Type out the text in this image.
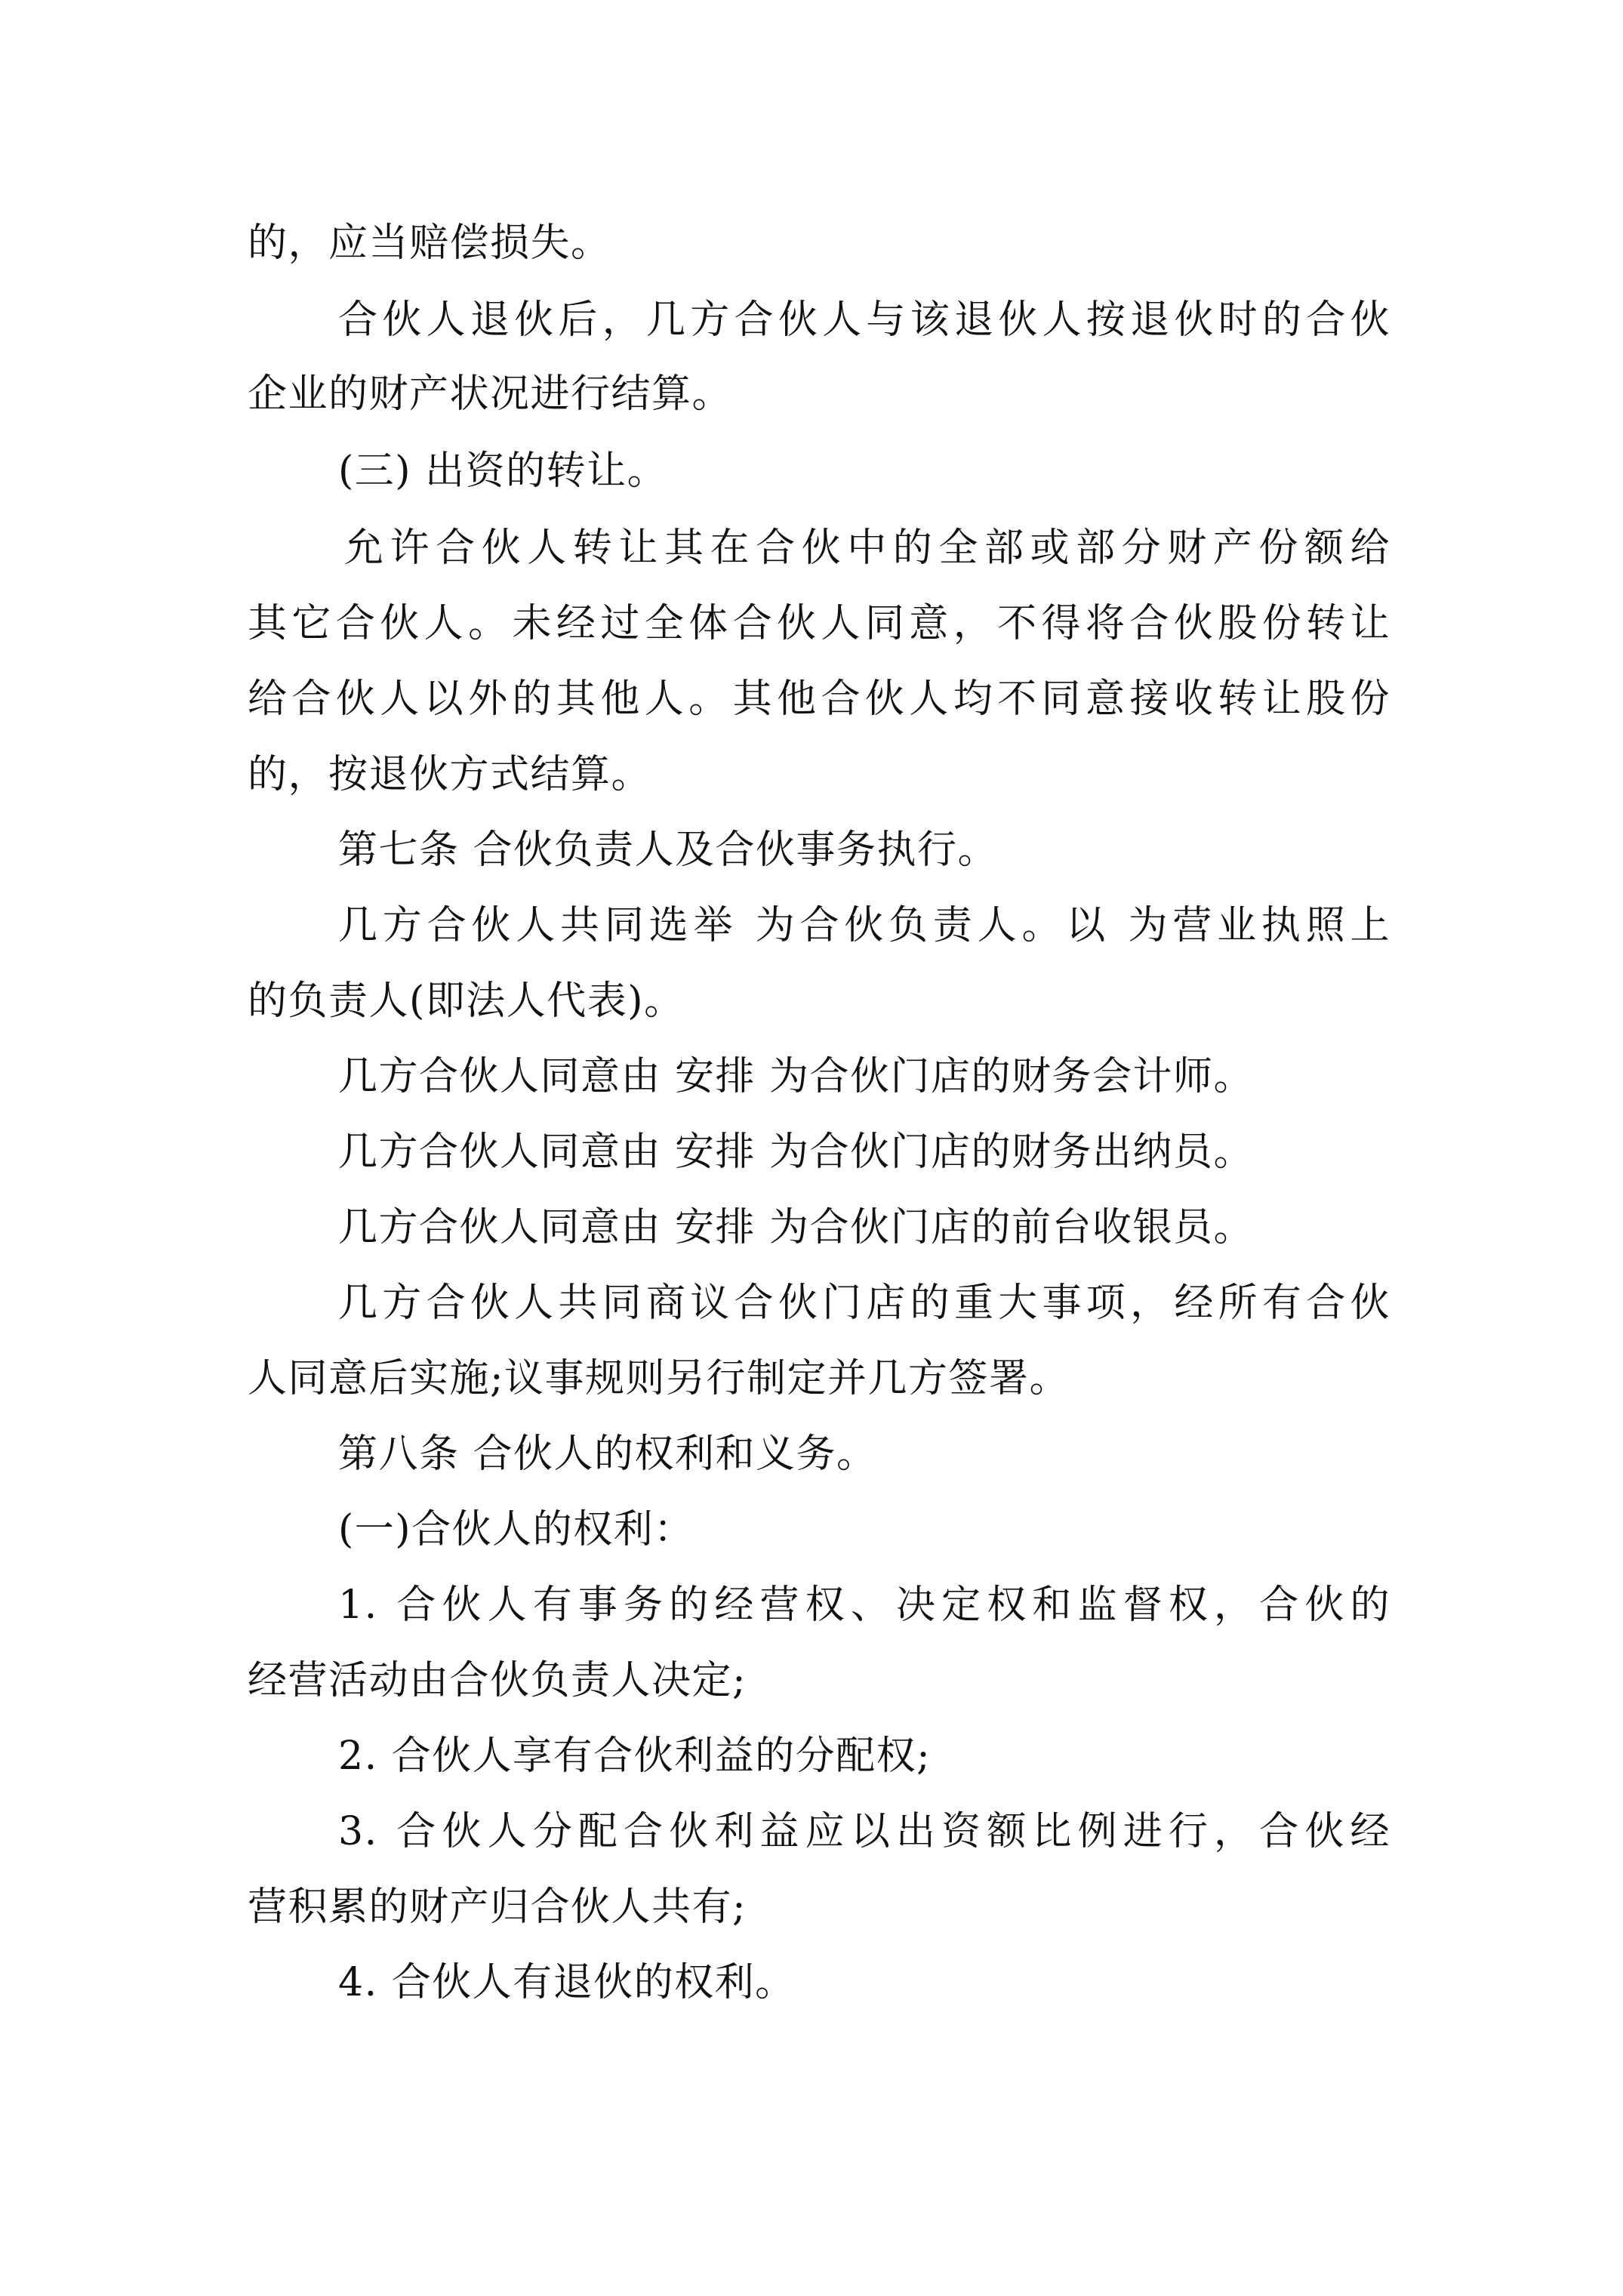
的，应当赔偿损失。

合伙人退伙后，几方合伙人与该退伙人按退伙时的合伙

企业的财产状况进行结算。

(三) 出资的转让。

允许合伙人转让其在合伙中的全部或部分财产份额给

其它合伙人。未经过全体合伙人同意，不得将合伙股份转让

给合伙人以外的其他人。其他合伙人均不同意接收转让股份

的，按退伙方式结算。

第七条 合伙负责人及合伙事务执行。

几方合伙人共同选举 为合伙负责人。以 为营业执照上

的负责人(即法人代表)。

几方合伙人同意由 安排 为合伙门店的财务会计师。

几方合伙人同意由 安排 为合伙门店的财务出纳员。

几方合伙人同意由 安排 为合伙门店的前台收银员。

几方合伙人共同商议合伙门店的重大事项，经所有合伙

人同意后实施;议事规则另行制定并几方签署。

第八条 合伙人的权利和义务。

(一)合伙人的权利：

1. 合伙人有事务的经营权、决定权和监督权，合伙的

经营活动由合伙负责人决定;

2. 合伙人享有合伙利益的分配权;

3. 合伙人分配合伙利益应以出资额比例进行，合伙经

营积累的财产归合伙人共有;

4. 合伙人有退伙的权利。
